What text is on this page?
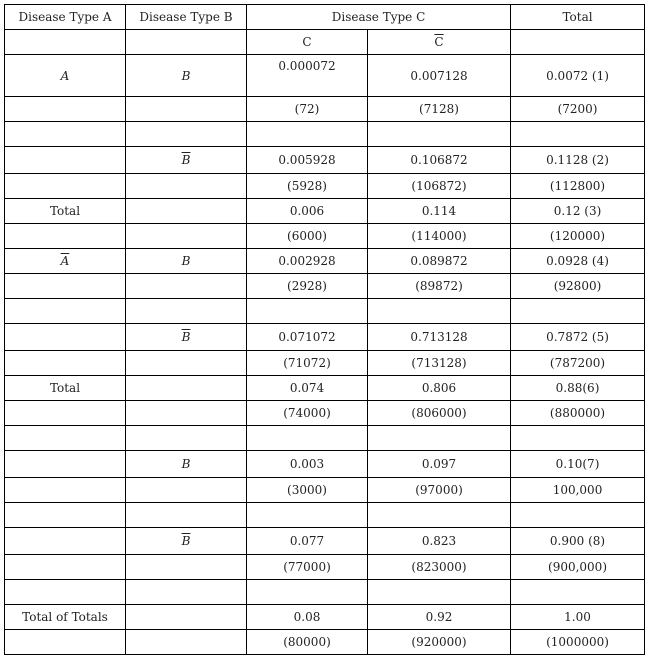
Disease Type A	Disease Type B	Disease Type C		Total
		C	$\overline{C}$	
A	B	0.000072	0.007128	0.0072 (1)
		(72)	(7128)	(7200)

	$\overline{B}$	0.005928	0.106872	0.1128 (2)
		(5928)	(106872)	(112800)
Total		0.006	0.114	0.12 (3)
		(6000)	(114000)	(120000)
$\overline{A}$	B	0.002928	0.089872	0.0928 (4)
		(2928)	(89872)	(92800)

	$\overline{B}$	0.071072	0.713128	0.7872 (5)
		(71072)	(713128)	(787200)
Total		0.074	0.806	0.88(6)
		(74000)	(806000)	(880000)

	B	0.003	0.097	0.10(7)
		(3000)	(97000)	100,000

	$\overline{B}$	0.077	0.823	0.900 (8)
		(77000)	(823000)	(900,000)

Total of Totals		0.08	0.92	1.00
		(80000)	(920000)	(1000000)
